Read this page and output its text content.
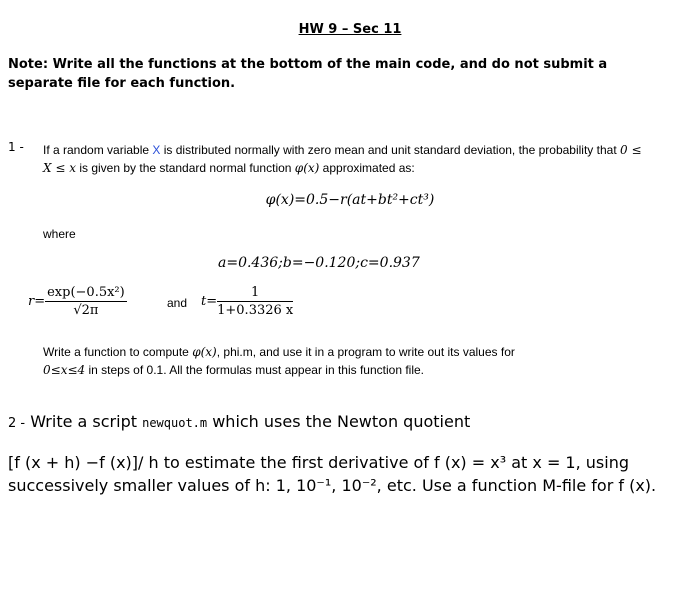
HW 9 – Sec 11
Note: Write all the functions at the bottom of the main code, and do not submit a separate file for each function.
1 - If a random variable X is distributed normally with zero mean and unit standard deviation, the probability that 0 ≤ X ≤ x is given by the standard normal function φ(x) approximated as:
φ(x)=0.5−r(at+bt²+ct³)
where
a=0.436;b=−0.120;c=0.937
$r= \frac{\text{exp(−0.5x²)}}{√2\pi}$	and $t= \frac{1}{1+0.3326 x}$
Write a function to compute φ(x), phi.m, and use it in a program to write out its values for
0≤x≤4 in steps of 0.1. All the formulas must appear in this function file.
2 - Write a script newquot.m which uses the Newton quotient
[f (x + h) −f (x)]/ h to estimate the first derivative of f (x) = x³ at x = 1, using successively smaller values of h: 1, 10⁻¹, 10⁻², etc. Use a function M-file for f (x).
